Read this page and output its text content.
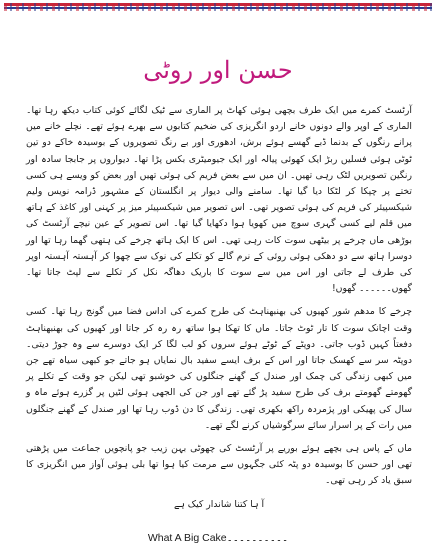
حسن اور روٹی

آرٹسٹ کمرے میں ایک طرف بچھی ہوئی کھاٹ پر الماری سے ٹیک لگائے کوئی کتاب دیکھ رہا تھا۔ الماری کے اوپر والے دونوں خانے اردو انگریزی کی ضخیم کتابوں سے بھرے ہوئے تھے۔ نچلے خانے میں پرانے رنگوں کے بدنما ڈبے گھسے ہوئے برش، ادھوری اور بے رنگ تصویروں کے بوسیدہ خاکے دو تین ٹوٹی ہوئی فسلیں ربڑ ایک کھوئی پیالہ اور ایک جیومیٹری بکس پڑا تھا۔ دیواروں پر جابجا سادہ اور رنگین تصویریں لٹک رہی تھیں۔ ان میں سے بعض فریم کی ہوئی تھیں اور بعض کو ویسے ہی کسی تختے پر چپکا کر لٹکا دیا گیا تھا۔ سامنے والی دیوار پر انگلستان کے مشہور ڈرامہ نویس ولیم شیکسپیئر کی فریم کی ہوئی تصویر تھی۔ اس تصویر میں شیکسپیئر میز پر کہنی اور کاغذ کے ہاتھ میں قلم لیے کسی گہری سوچ میں کھویا ہوا دکھایا گیا تھا۔ اس تصویر کے عین نیچے آرٹسٹ کی بوڑھی ماں چرخے پر بیٹھی سوت کات رہی تھی۔ اس کا ایک ہاتھ چرخے کی ہتھی گھما رہا تھا اور دوسرا ہاتھ سے دو دھکی ہوئی روئی کے نرم گالے کو تکلے کی نوک سے چھوا کر آہستہ آہستہ اوپر کی طرف لے جاتی اور اس میں سے سوت کا باریک دھاگہ نکل کر تکلے سے لپٹ جاتا تھا۔ گھوں۔۔۔۔۔۔ گھوں!

چرخے کا مدھم شور کھیوں کی بھنبھناہٹ کی طرح کمرے کی اداس فضا میں گونج رہا تھا۔ کسی وقت اچانک سوت کا تار ٹوٹ جاتا۔ ماں کا تھکا ہوا ساتھ رہ رہ کر جاتا اور کھیوں کی بھنبھناہٹ دفعتاً کہیں ڈوب جاتی۔ دوپٹے کے ٹوٹے ہوئے سروں کو لب لگا کر ایک دوسرے سے وہ جوڑ دیتی۔ دوپٹہ سر سے کھسک جاتا اور اس کے برف ایسے سفید بال نمایاں ہو جاتے جو کبھی سیاہ تھے جن میں کبھی زندگی کی چمک اور صندل کے گھنے جنگلوں کی خوشبو تھی لیکن جو وقت کے تکلے پر گھومتے گھومتے برف کی طرح سفید پڑ گئے تھے اور جن کی الجھی ہوئی لٹیں پر گزرے ہوئے ماہ و سال کی پھیکی اور پژمردہ راکھ بکھری تھی۔ زندگی کا دن ڈوب رہا تھا اور صندل کے گھنے جنگلوں میں رات کے پر اسرار سائے سرگوشیاں کرنے لگے تھے۔

ماں کے پاس ہی بچھے ہوئے بوریے پر آرٹسٹ کی چھوٹی بہن زیب جو پانچویں جماعت میں پڑھتی تھی اور حسن کا بوسیدہ دو پٹہ کئی جگہوں سے مرمت کیا ہوا تھا بلی ہوئی آواز میں انگریزی کا سبق یاد کر رہی تھی۔

آ ہا کتنا شاندار کیک ہے

What A Big Cake۔۔۔۔۔۔۔۔۔۔
